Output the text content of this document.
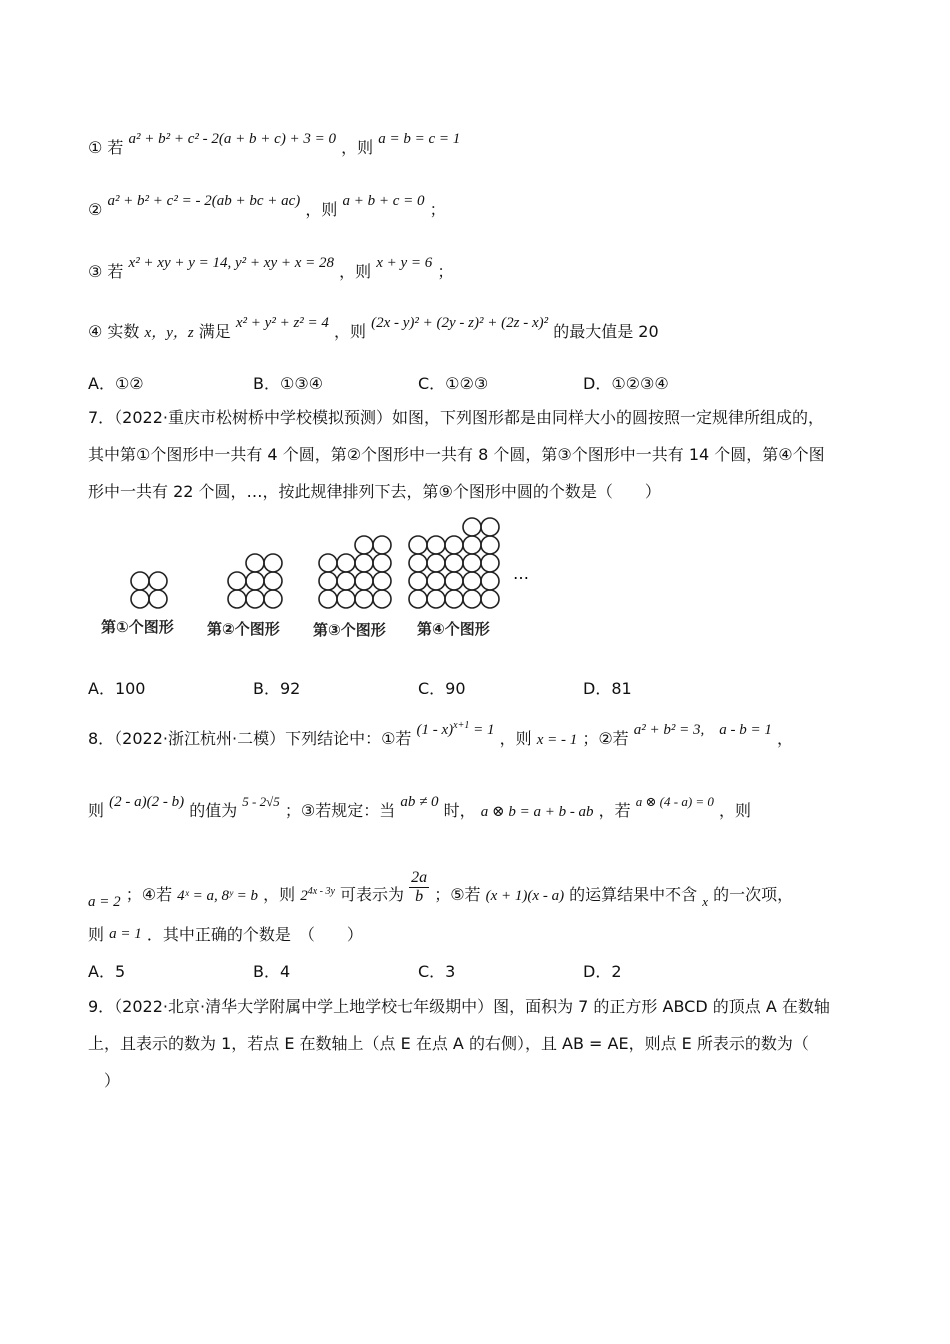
① 若 a² + b² + c² - 2(a + b + c) + 3 = 0 ，则 a = b = c = 1
② a² + b² + c² = - 2(ab + bc + ac) ，则 a + b + c = 0 ；
③ 若 x² + xy + y = 14, y² + xy + x = 28 ，则 x + y = 6 ；
④ 实数 x，y，z 满足 x² + y² + z² = 4 ，则 (2x - y)² + (2y - z)² + (2z - x)² 的最大值是 20
A．①②	B．①③④	C．①②③	D．①②③④
7．（2022·重庆市松树桥中学校模拟预测）如图，下列图形都是由同样大小的圆按照一定规律所组成的，
其中第①个图形中一共有 4 个圆，第②个图形中一共有 8 个圆，第③个图形中一共有 14 个圆，第④个图
形中一共有 22 个圆，…，按此规律排列下去，第⑨个图形中圆的个数是（　　）
…
第①个图形 第②个图形 第③个图形 第④个图形
A．100	B．92	C．90	D．81
8．（2022·浙江杭州·二模）下列结论中：①若 (1 - x)$^{x+1}$ = 1 ，则 x = - 1 ；②若 a² + b² = 3,　a - b = 1 ，
则 (2 - a)(2 - b) 的值为 $^{5 - 2√5}$ ；③若规定：当 ab ≠ 0 时， a ⊗ b = a + b - ab ，若 $^{a \otimes (4 - a) = 0}$ ，则
a = 2 ；④若 4ˣ = a, 8ʸ = b ，则 $2^{4x - 3y}$ 可表示为 $\frac{2a}{b}$ ；⑤若 (x + 1)(x - a) 的运算结果中不含 $_x$ 的一次项，
则 a = 1 ．其中正确的个数是　（　　）
A．5	B．4	C．3	D．2
9．（2022·北京·清华大学附属中学上地学校七年级期中）图，面积为 7 的正方形 ABCD 的顶点 A 在数轴
上，且表示的数为 1，若点 E 在数轴上（点 E 在点 A 的右侧），且 AB = AE，则点 E 所表示的数为（
）
